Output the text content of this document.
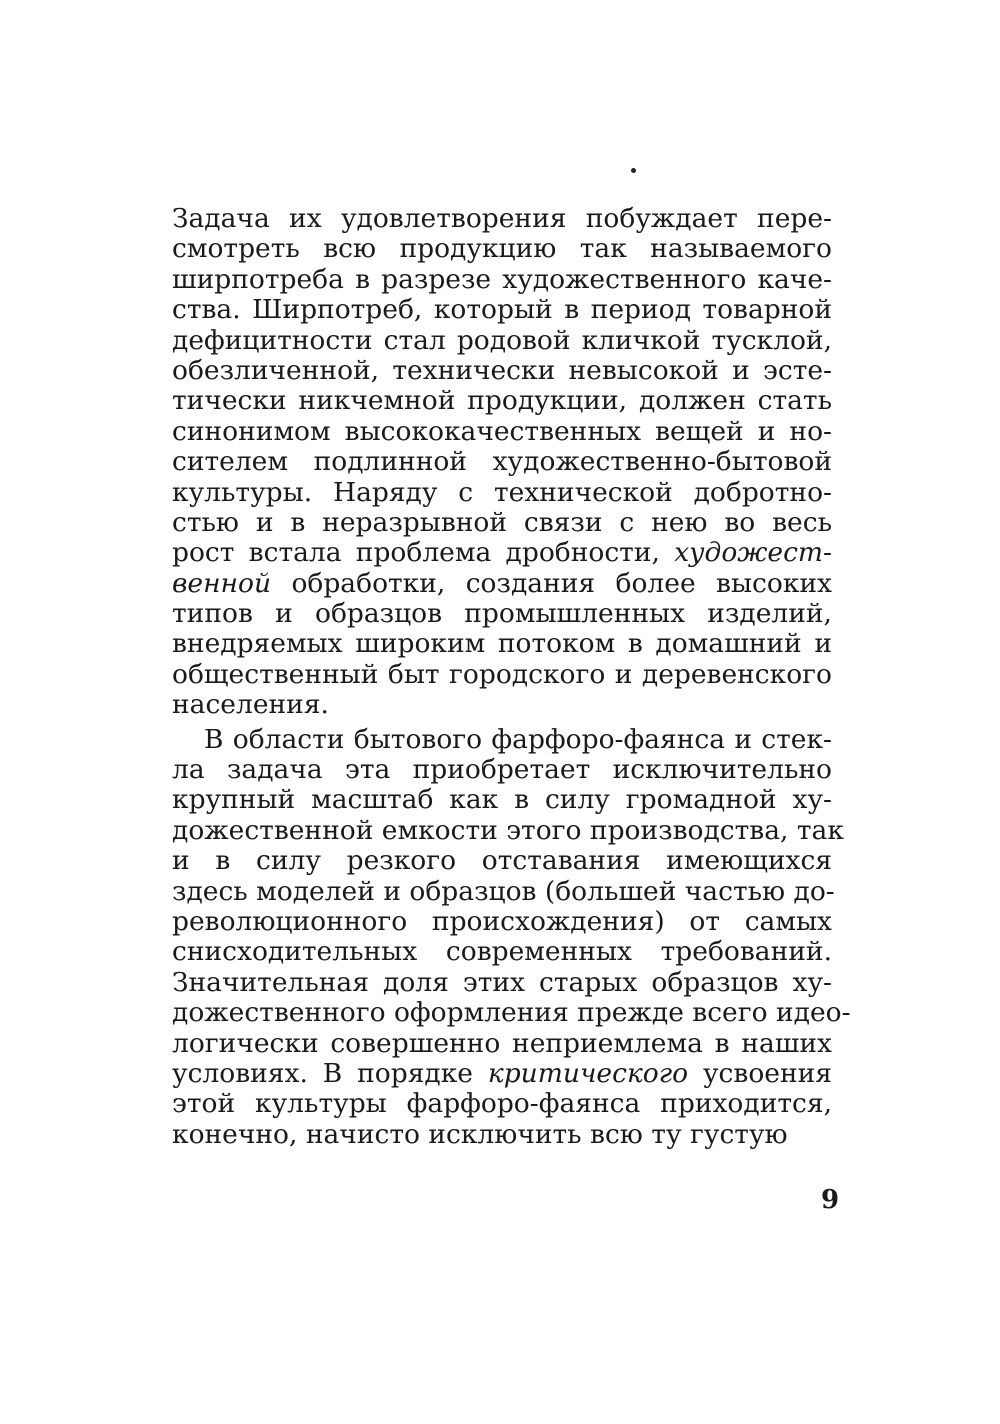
Задача их удовлетворения побуждает пере-
смотреть всю продукцию так называемого
ширпотреба в разрезе художественного каче-
ства. Ширпотреб, который в период товарной
дефицитности стал родовой кличкой тусклой,
обезличенной, технически невысокой и эсте-
тически никчемной продукции, должен стать
синонимом высококачественных вещей и но-
сителем подлинной художественно-бытовой
культуры. Наряду с технической добротно-
стью и в неразрывной связи с нею во весь
рост встала проблема дробности, художест-
венной обработки, создания более высоких
типов и образцов промышленных изделий,
внедряемых широким потоком в домашний и
общественный быт городского и деревенского
населения.
В области бытового фарфоро-фаянса и стек-
ла задача эта приобретает исключительно
крупный масштаб как в силу громадной ху-
дожественной емкости этого производства, так
и в силу резкого отставания имеющихся
здесь моделей и образцов (большей частью до-
революционного происхождения) от самых
снисходительных современных требований.
Значительная доля этих старых образцов ху-
дожественного оформления прежде всего идео-
логически совершенно неприемлема в наших
условиях. В порядке критического усвоения
этой культуры фарфоро-фаянса приходится,
конечно, начисто исключить всю ту густую
9
